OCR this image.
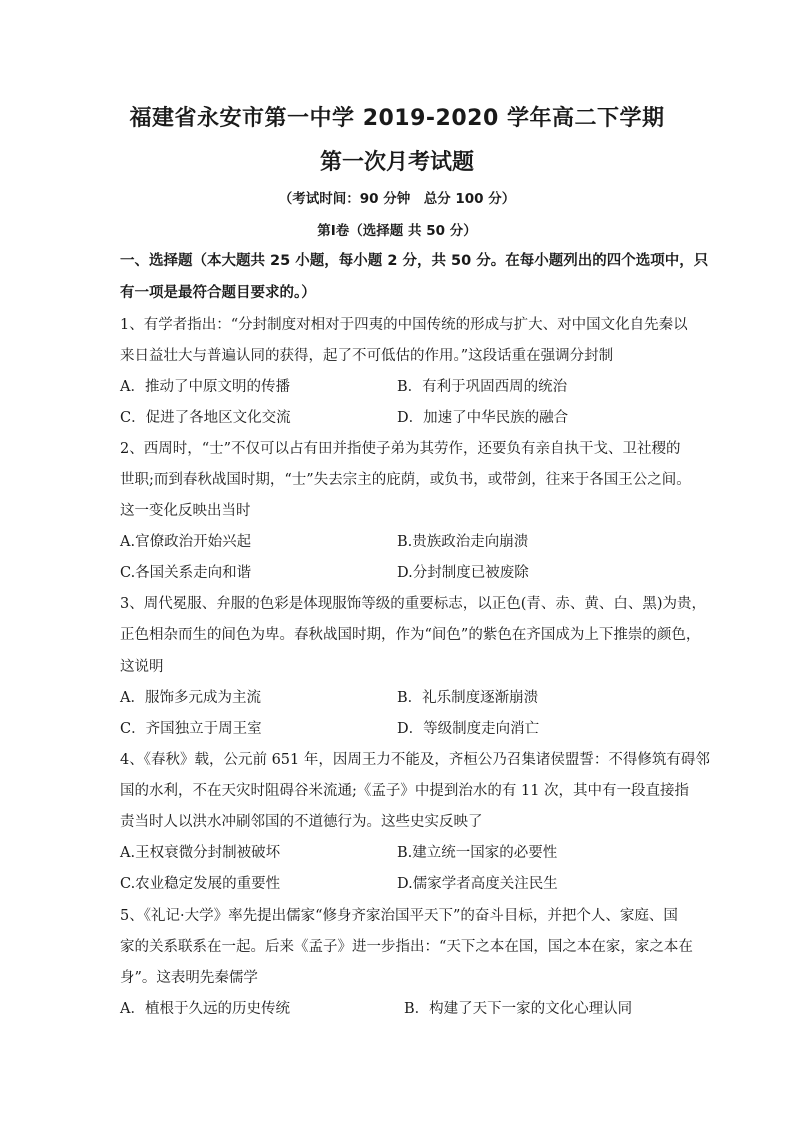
福建省永安市第一中学 2019-2020 学年高二下学期
第一次月考试题
（考试时间：90 分钟　总分 100 分）
第Ⅰ卷（选择题 共 50 分）
一、选择题（本大题共 25 小题，每小题 2 分，共 50 分。在每小题列出的四个选项中，只
有一项是最符合题目要求的。）
1、有学者指出：“分封制度对相对于四夷的中国传统的形成与扩大、对中国文化自先秦以
来日益壮大与普遍认同的获得，起了不可低估的作用。”这段话重在强调分封制
A．推动了中原文明的传播	B．有利于巩固西周的统治
C．促进了各地区文化交流	D．加速了中华民族的融合
2、西周时，“士”不仅可以占有田并指使子弟为其劳作，还要负有亲自执干戈、卫社稷的
世职;而到春秋战国时期，“士”失去宗主的庇荫，或负书，或带剑，往来于各国王公之间。
这一变化反映出当时
A.官僚政治开始兴起	B.贵族政治走向崩溃
C.各国关系走向和谐	D.分封制度已被废除
3、周代冕服、弁服的色彩是体现服饰等级的重要标志，以正色(青、赤、黄、白、黑)为贵，
正色相杂而生的间色为卑。春秋战国时期，作为“间色”的紫色在齐国成为上下推崇的颜色，
这说明
A．服饰多元成为主流	B．礼乐制度逐渐崩溃
C．齐国独立于周王室	D．等级制度走向消亡
4、《春秋》载，公元前 651 年，因周王力不能及，齐桓公乃召集诸侯盟誓：不得修筑有碍邻
国的水利，不在天灾时阻碍谷米流通;《孟子》中提到治水的有 11 次，其中有一段直接指
责当时人以洪水冲刷邻国的不道德行为。这些史实反映了
A.王权衰微分封制被破坏	B.建立统一国家的必要性
C.农业稳定发展的重要性	D.儒家学者高度关注民生
5、《礼记·大学》率先提出儒家“修身齐家治国平天下”的奋斗目标，并把个人、家庭、国
家的关系联系在一起。后来《孟子》进一步指出：“天下之本在国，国之本在家，家之本在
身”。这表明先秦儒学
A．植根于久远的历史传统	B．构建了天下一家的文化心理认同
